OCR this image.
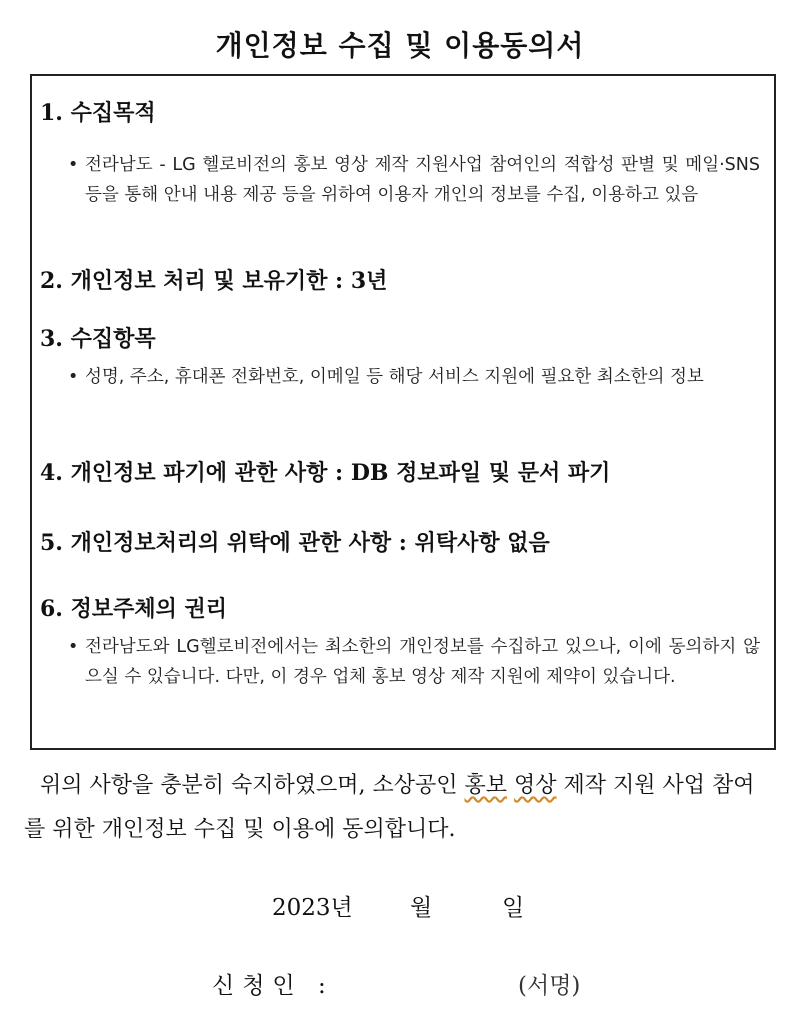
개인정보 수집 및 이용동의서

1. 수집목적

• 전라남도 - LG 헬로비전의 홍보 영상 제작 지원사업 참여인의 적합성 판별 및 메일·SNS 등을 통해 안내 내용 제공 등을 위하여 이용자 개인의 정보를 수집, 이용하고 있음

2. 개인정보 처리 및 보유기한 : 3년

3. 수집항목

• 성명, 주소, 휴대폰 전화번호, 이메일 등 해당 서비스 지원에 필요한 최소한의 정보

4. 개인정보 파기에 관한 사항 : DB 정보파일 및 문서 파기

5. 개인정보처리의 위탁에 관한 사항 : 위탁사항 없음

6. 정보주체의 권리

• 전라남도와 LG헬로비전에서는 최소한의 개인정보를 수집하고 있으나, 이에 동의하지 않으실 수 있습니다. 다만, 이 경우 업체 홍보 영상 제작 지원에 제약이 있습니다.

위의 사항을 충분히 숙지하였으며, 소상공인 홍보 영상 제작 지원 사업 참여를 위한 개인정보 수집 및 이용에 동의합니다.

2023년 월	일
신청인 :	(서명)
